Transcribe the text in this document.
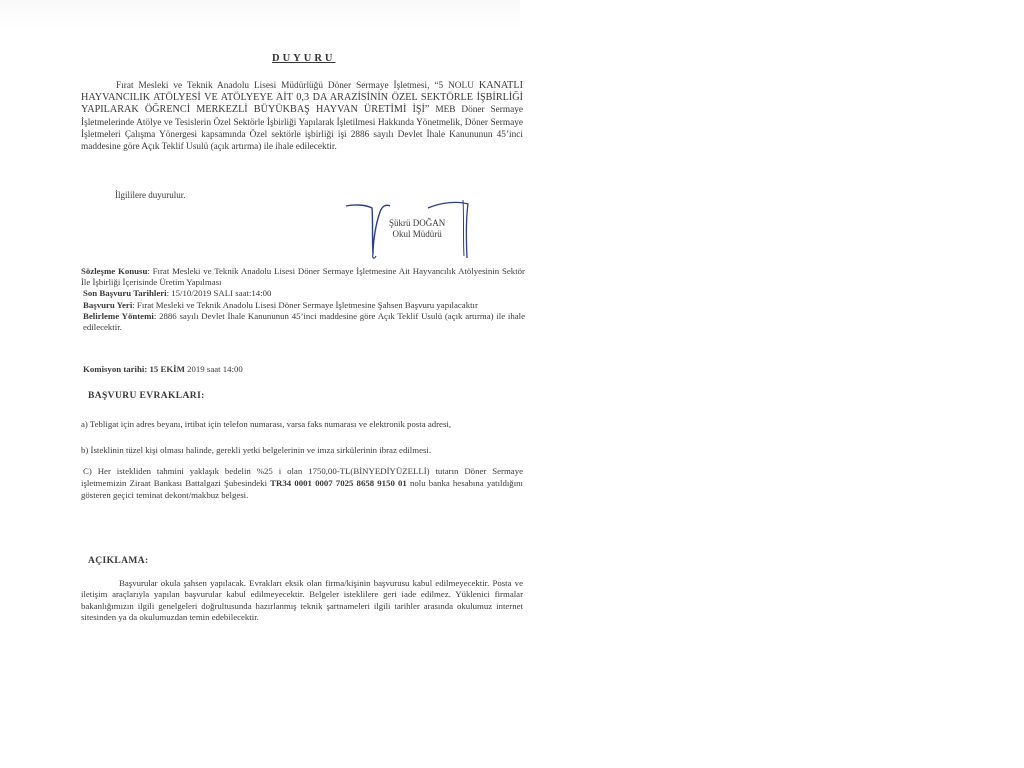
DUYURU

Fırat Mesleki ve Teknik Anadolu Lisesi Müdürlüğü Döner Sermaye İşletmesi, “5 NOLU KANATLI HAYVANCILIK ATÖLYESİ VE ATÖLYEYE AİT 0,3 DA ARAZİSİNİN ÖZEL SEKTÖRLE İŞBİRLİĞİ YAPILARAK ÖĞRENCİ MERKEZLİ BÜYÜKBAŞ HAYVAN ÜRETİMİ İŞİ” MEB Döner Sermaye İşletmelerinde Atölye ve Tesislerin Özel Sektörle İşbirliği Yapılarak İşletilmesi Hakkında Yönetmelik, Döner Sermaye İşletmeleri Çalışma Yönergesi kapsamında Özel sektörle işbirliği işi 2886 sayılı Devlet İhale Kanununun 45’inci maddesine göre Açık Teklif Usulü (açık artırma) ile ihale edilecektir.

İlgililere duyurulur.

Şükrü DOĞAN
Okul Müdürü

Sözleşme Konusu: Fırat Mesleki ve Teknik Anadolu Lisesi Döner Sermaye İşletmesine Ait Hayvancılık Atölyesinin Sektör İle İşbirliği İçerisinde Üretim Yapılması

Son Başvuru Tarihleri: 15/10/2019 SALI saat:14:00

Başvuru Yeri: Fırat Mesleki ve Teknik Anadolu Lisesi Döner Sermaye İşletmesine Şahsen Başvuru yapılacaktır

Belirleme Yöntemi: 2886 sayılı Devlet İhale Kanununun 45’inci maddesine göre Açık Teklif Usulü (açık artırma) ile ihale edilecektir.

Komisyon tarihi: 15 EKİM 2019 saat 14:00
BAŞVURU EVRAKLARI:

a) Tebligat için adres beyanı, irtibat için telefon numarası, varsa faks numarası ve elektronik posta adresi,

b) İsteklinin tüzel kişi olması halinde, gerekli yetki belgelerinin ve imza sirkülerinin ibraz edilmesi.

C) Her istekliden tahmini yaklaşık bedelin %25 i olan 1750,00-TL(BİNYEDİYÜZELLİ) tutarın Döner Sermaye işletmemizin Ziraat Bankası Battalgazi Şubesindeki TR34 0001 0007 7025 8658 9150 01 nolu banka hesabına yatıldığını gösteren geçici teminat dekont/makbuz belgesi.

AÇIKLAMA:

Başvurular okula şahsen yapılacak. Evrakları eksik olan firma/kişinin başvurusu kabul edilmeyecektir. Posta ve iletişim araçlarıyla yapılan başvurular kabul edilmeyecektir. Belgeler isteklilere geri iade edilmez. Yüklenici firmalar bakanlığımızın ilgili genelgeleri doğrultusunda hazırlanmış teknik şartnameleri ilgili tarihler arasında okulumuz internet sitesinden ya da okulumuzdan temin edebilecektir.
